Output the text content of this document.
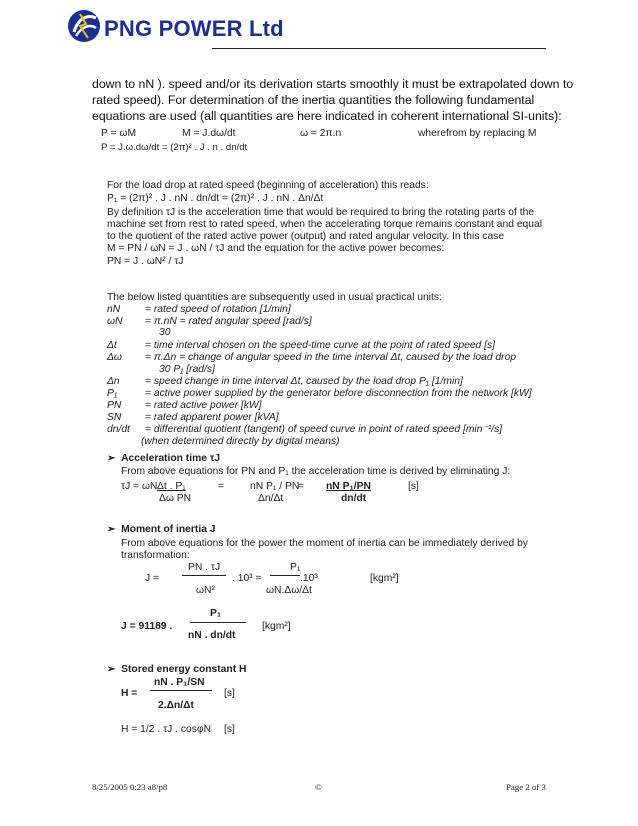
PNG POWER Ltd
down to nN ). speed and/or its derivation starts smoothly it must be extrapolated down to
rated speed). For determination of the inertia quantities the following fundamental
equations are used (all quantities are here indicated in coherent international SI-units):
P = ωM	M = J.dω/dt	ω = 2π.n	wherefrom by replacing M
P = J.ω.dω/dt = (2π)² . J . n . dn/dt
For the load drop at rated speed (beginning of acceleration) this reads:
P₁ = (2π)² . J . nN . dn/dt = (2π)² . J . nN . Δn/Δt
By definition τJ is the acceleration time that would be required to bring the rotating parts of the
machine set from rest to rated speed, when the accelerating torque remains constant and equal
to the quotient of the rated active power (output) and rated angular velocity. In this case
M = PN / ωN = J . ωN / τJ and the equation for the active power becomes:
PN = J . ωN² / τJ
The below listed quantities are subsequently used in usual practical units:
nN = rated speed of rotation [1/min]
ωN = π.nN = rated angular speed [rad/s]
30
Δt	= time interval chosen on the speed-time curve at the point of rated speed [s]
Δω = π.Δn = change of angular speed in the time interval Δt, caused by the load drop
30 P₁ [rad/s]
Δn = speed change in time interval Δt, caused by the load drop P₁ [1/min]
P₁	= active power supplied by the generator before disconnection from the network [kW]
PN = rated active power [kW]
SN = rated apparent power [kVA]
dn/dt = differential quotient (tangent) of speed curve in point of rated speed [min⁻¹/s]
(when determined directly by digital means)
➢ Acceleration time τJ
From above equations for PN and P₁ the acceleration time is derived by eliminating J:
τJ = ωN Δt . P₁
Δω PN
=	nN P₁ / PN
Δn/Δt
= nN P₁/PN
dn/dt
[s]
➢ Moment of inertia J
From above equations for the power the moment of inertia can be immediately derived by
transformation:
J =
PN . τJ
ωN²
. 10³ =
P₁
ωN.Δω/Δt
.10³	[kgm²]
J = 91189 .
P₁
nN . dn/dt
[kgm²]
➢ Stored energy constant H
H =
nN . P₁/SN
2.Δn/Δt
[s]
H = 1/2 . τJ . cosφN [s]
8/25/2005 0:23 a8/p8	©	Page 2 of 3
